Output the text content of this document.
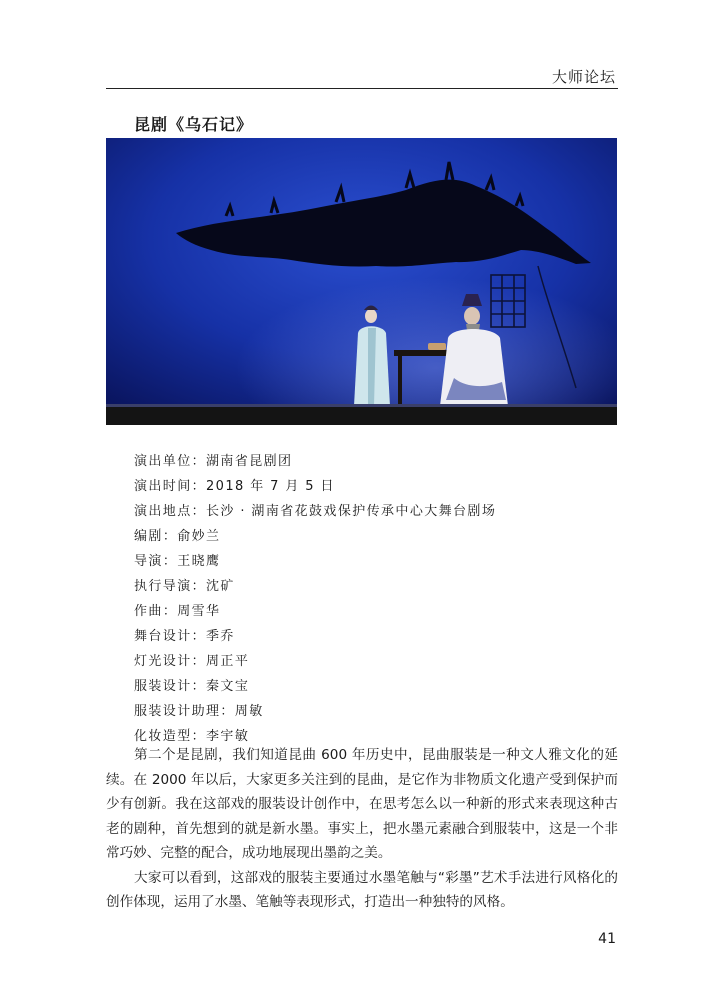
大师论坛
昆剧《乌石记》
演出单位：湖南省昆剧团
演出时间：2018 年 7 月 5 日
演出地点：长沙 · 湖南省花鼓戏保护传承中心大舞台剧场
编剧：俞妙兰
导演：王晓鹰
执行导演：沈矿
作曲：周雪华
舞台设计：季乔
灯光设计：周正平
服装设计：秦文宝
服装设计助理：周敏
化妆造型：李宇敏

第二个是昆剧，我们知道昆曲 600 年历史中，昆曲服装是一种文人雅文化的延续。在 2000 年以后，大家更多关注到的昆曲，是它作为非物质文化遗产受到保护而少有创新。我在这部戏的服装设计创作中，在思考怎么以一种新的形式来表现这种古老的剧种，首先想到的就是新水墨。事实上，把水墨元素融合到服装中，这是一个非常巧妙、完整的配合，成功地展现出墨韵之美。

大家可以看到，这部戏的服装主要通过水墨笔触与“彩墨”艺术手法进行风格化的创作体现，运用了水墨、笔触等表现形式，打造出一种独特的风格。

41
